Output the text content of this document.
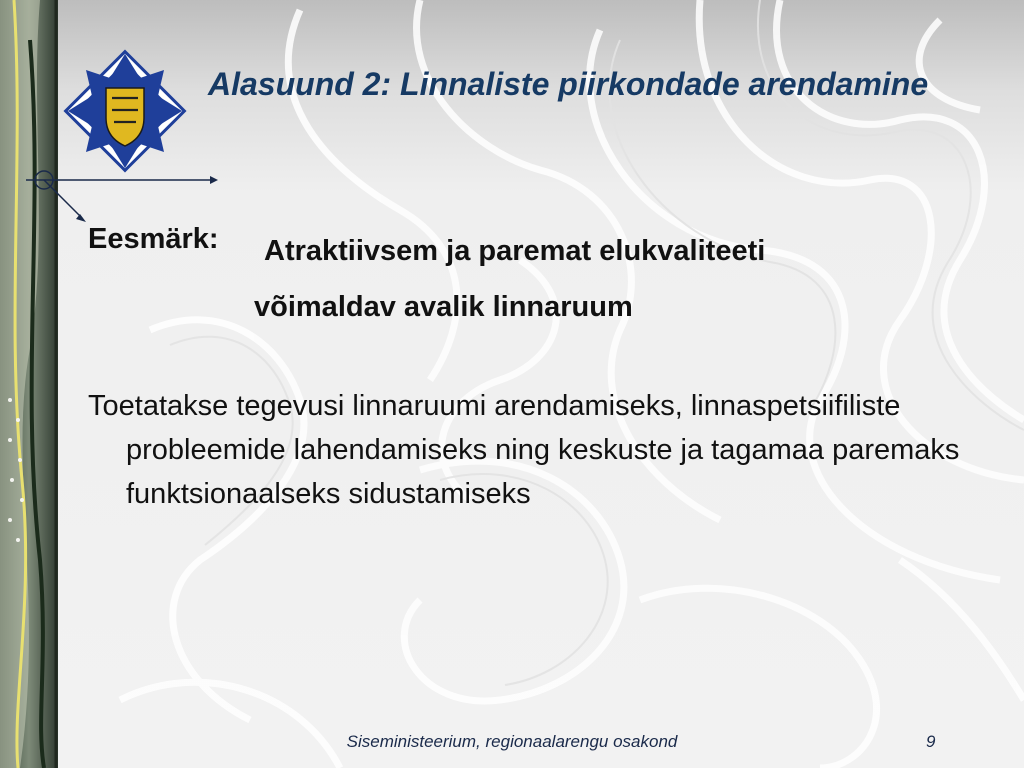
Alasuund 2: Linnaliste piirkondade arendamine
Eesmärk:	Atraktiivsem ja paremat elukvaliteeti võimaldav avalik linnaruum
Toetatakse tegevusi linnaruumi arendamiseks, linnaspetsiifiliste probleemide lahendamiseks ning keskuste ja tagamaa paremaks funktsionaalseks sidustamiseks
Siseministeerium, regionaalarengu osakond	9
